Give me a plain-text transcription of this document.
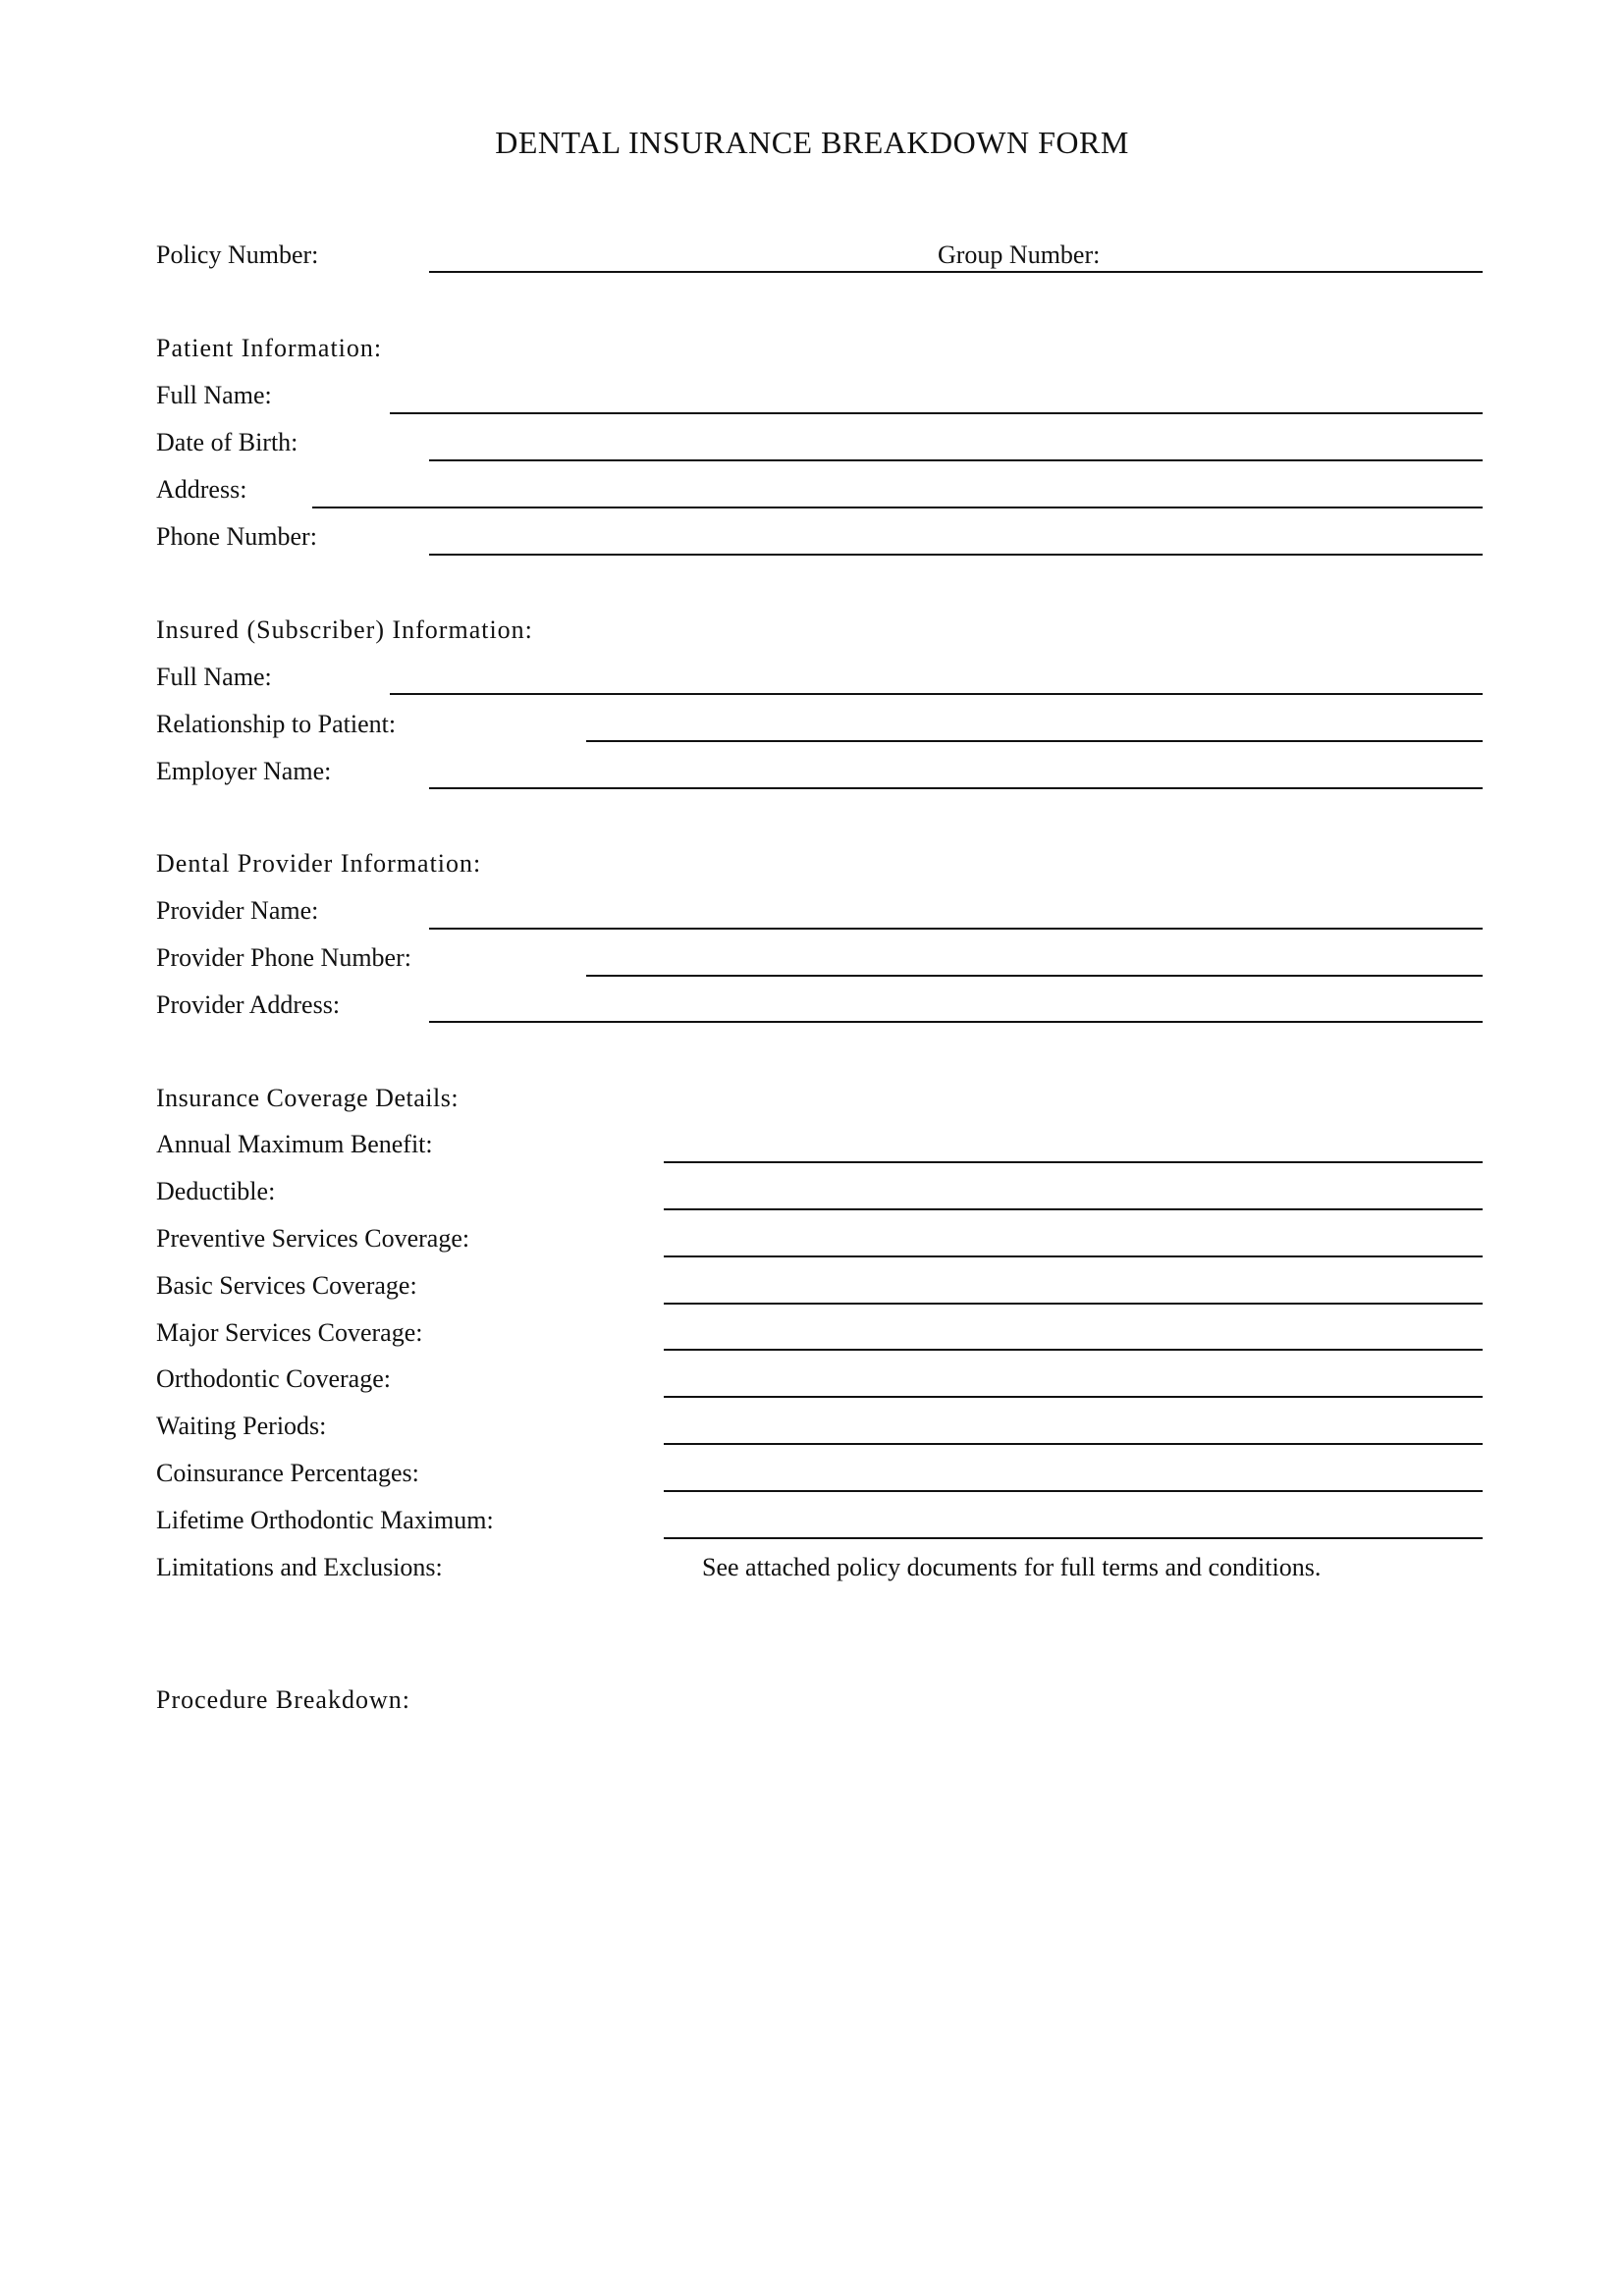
DENTAL INSURANCE BREAKDOWN FORM
Policy Number:	Group Number:
Patient Information:
Full Name:
Date of Birth:
Address:
Phone Number:
Insured (Subscriber) Information:
Full Name:
Relationship to Patient:
Employer Name:
Dental Provider Information:
Provider Name:
Provider Phone Number:
Provider Address:
Insurance Coverage Details:
Annual Maximum Benefit:
Deductible:
Preventive Services Coverage:
Basic Services Coverage:
Major Services Coverage:
Orthodontic Coverage:
Waiting Periods:
Coinsurance Percentages:
Lifetime Orthodontic Maximum:
Limitations and Exclusions:	See attached policy documents for full terms and conditions.
Procedure Breakdown:
